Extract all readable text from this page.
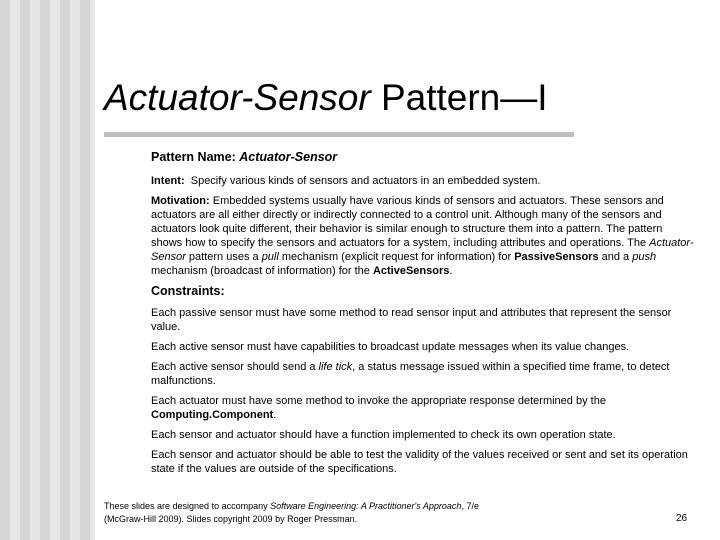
Actuator-Sensor Pattern—I

Pattern Name: Actuator-Sensor

Intent: Specify various kinds of sensors and actuators in an embedded system.

Motivation: Embedded systems usually have various kinds of sensors and actuators. These sensors and actuators are all either directly or indirectly connected to a control unit. Although many of the sensors and actuators look quite different, their behavior is similar enough to structure them into a pattern. The pattern shows how to specify the sensors and actuators for a system, including attributes and operations. The Actuator-Sensor pattern uses a pull mechanism (explicit request for information) for PassiveSensors and a push mechanism (broadcast of information) for the ActiveSensors.

Constraints:

Each passive sensor must have some method to read sensor input and attributes that represent the sensor value.

Each active sensor must have capabilities to broadcast update messages when its value changes.

Each active sensor should send a life tick, a status message issued within a specified time frame, to detect malfunctions.

Each actuator must have some method to invoke the appropriate response determined by the Computing.Component.

Each sensor and actuator should have a function implemented to check its own operation state.

Each sensor and actuator should be able to test the validity of the values received or sent and set its operation state if the values are outside of the specifications.

These slides are designed to accompany Software Engineering: A Practitioner's Approach, 7/e
(McGraw-Hill 2009). Slides copyright 2009 by Roger Pressman.	26
